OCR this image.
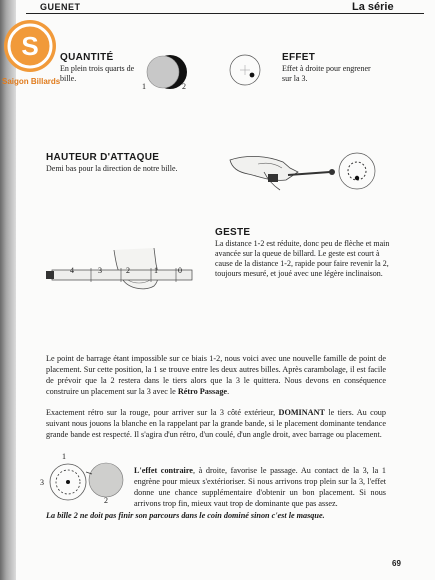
GUENET	La série
S
Saigon Billards
QUANTITÉ
En plein trois quarts de bille.
1	2
EFFET
Effet à droite pour engrener sur la 3.
HAUTEUR D'ATTAQUE
Demi bas pour la direction de notre bille.
GESTE
La distance 1-2 est réduite, donc peu de flèche et main avancée sur la queue de billard. Le geste est court à cause de la distance 1-2, rapide pour faire revenir la 2, toujours mesuré, et joué avec une légère inclinaison.
4	3	2	1	0
Le point de barrage étant impossible sur ce biais 1-2, nous voici avec une nouvelle famille de point de placement. Sur cette position, la 1 se trouve entre les deux autres billes. Après carambolage, il est facile de prévoir que la 2 restera dans le tiers alors que la 3 le quittera. Nous devons en conséquence construire un placement sur la 3 avec le Rétro Passage.
Exactement rétro sur la rouge, pour arriver sur la 3 côté extérieur, DOMINANT le tiers. Au coup suivant nous jouons la blanche en la rappelant par la grande bande, si le placement dominante tendance grande bande est respecté. Il s'agira d'un rétro, d'un coulé, d'un angle droit, avec barrage ou placement.
1
3
2
L'effet contraire, à droite, favorise le passage. Au contact de la 3, la 1 engrène pour mieux s'extérioriser. Si nous arrivons trop plein sur la 3, l'effet donne une chance supplémentaire d'obtenir un bon placement. Si nous arrivons trop fin, mieux vaut trop de dominante que pas assez.
La bille 2 ne doit pas finir son parcours dans le coin dominé sinon c'est le masque.
69
